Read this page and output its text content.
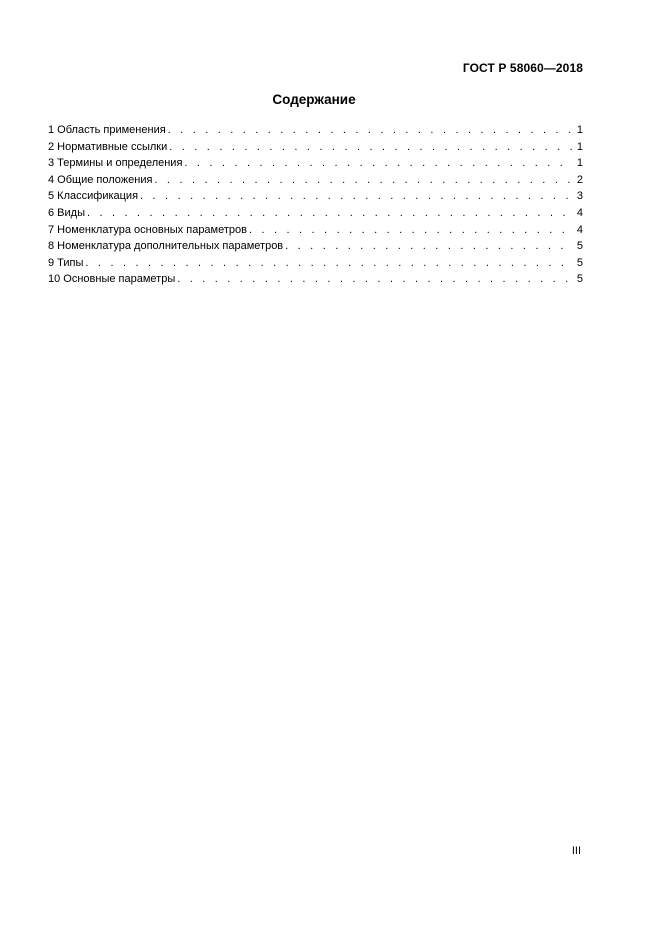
ГОСТ Р 58060—2018
Содержание
1 Область применения . . .	1
2 Нормативные ссылки . . .	1
3 Термины и определения . . .	1
4 Общие положения . . .	2
5 Классификация . . .	3
6 Виды . . .	4
7 Номенклатура основных параметров . . .	4
8 Номенклатура дополнительных параметров . . .	5
9 Типы . . .	5
10 Основные параметры . . .	5
III
